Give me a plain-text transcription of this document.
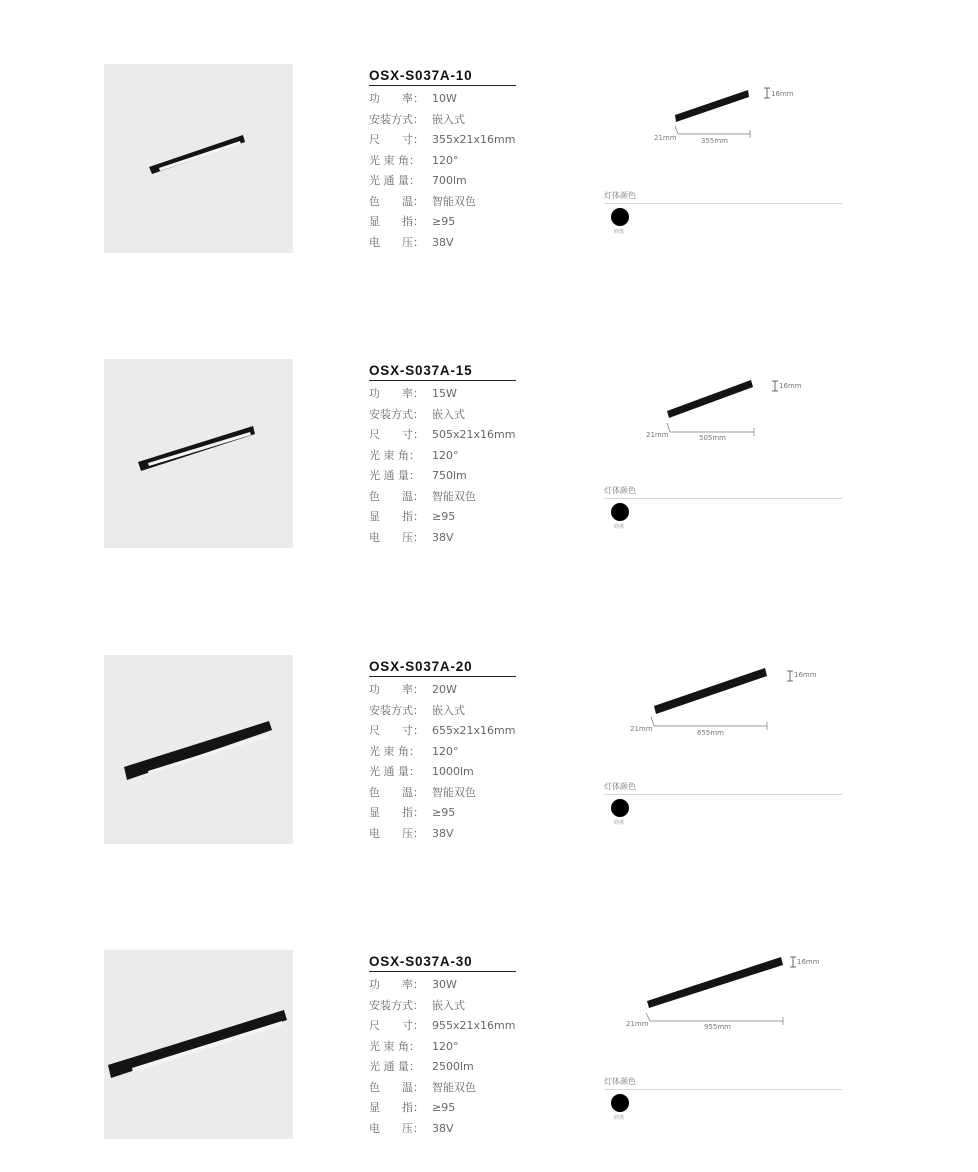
OSX-S037A-10
功　　率： 10W
安装方式： 嵌入式
尺　　寸： 355x21x16mm
光 束 角： 120°
光 通 量： 700lm
色　　温： 智能双色
显　　指： ≥95
电　　压： 38V
16mm
21mm	355mm
灯体颜色
砂黑
OSX-S037A-15
功　　率： 15W
安装方式： 嵌入式
尺　　寸： 505x21x16mm
光 束 角： 120°
光 通 量： 750lm
色　　温： 智能双色
显　　指： ≥95
电　　压： 38V
16mm
21mm	505mm
灯体颜色
砂黑
OSX-S037A-20
功　　率： 20W
安装方式： 嵌入式
尺　　寸： 655x21x16mm
光 束 角： 120°
光 通 量： 1000lm
色　　温： 智能双色
显　　指： ≥95
电　　压： 38V
16mm
21mm	655mm
灯体颜色
砂黑
OSX-S037A-30
功　　率： 30W
安装方式： 嵌入式
尺　　寸： 955x21x16mm
光 束 角： 120°
光 通 量： 2500lm
色　　温： 智能双色
显　　指： ≥95
电　　压： 38V
16mm
21mm	955mm
灯体颜色
砂黑
